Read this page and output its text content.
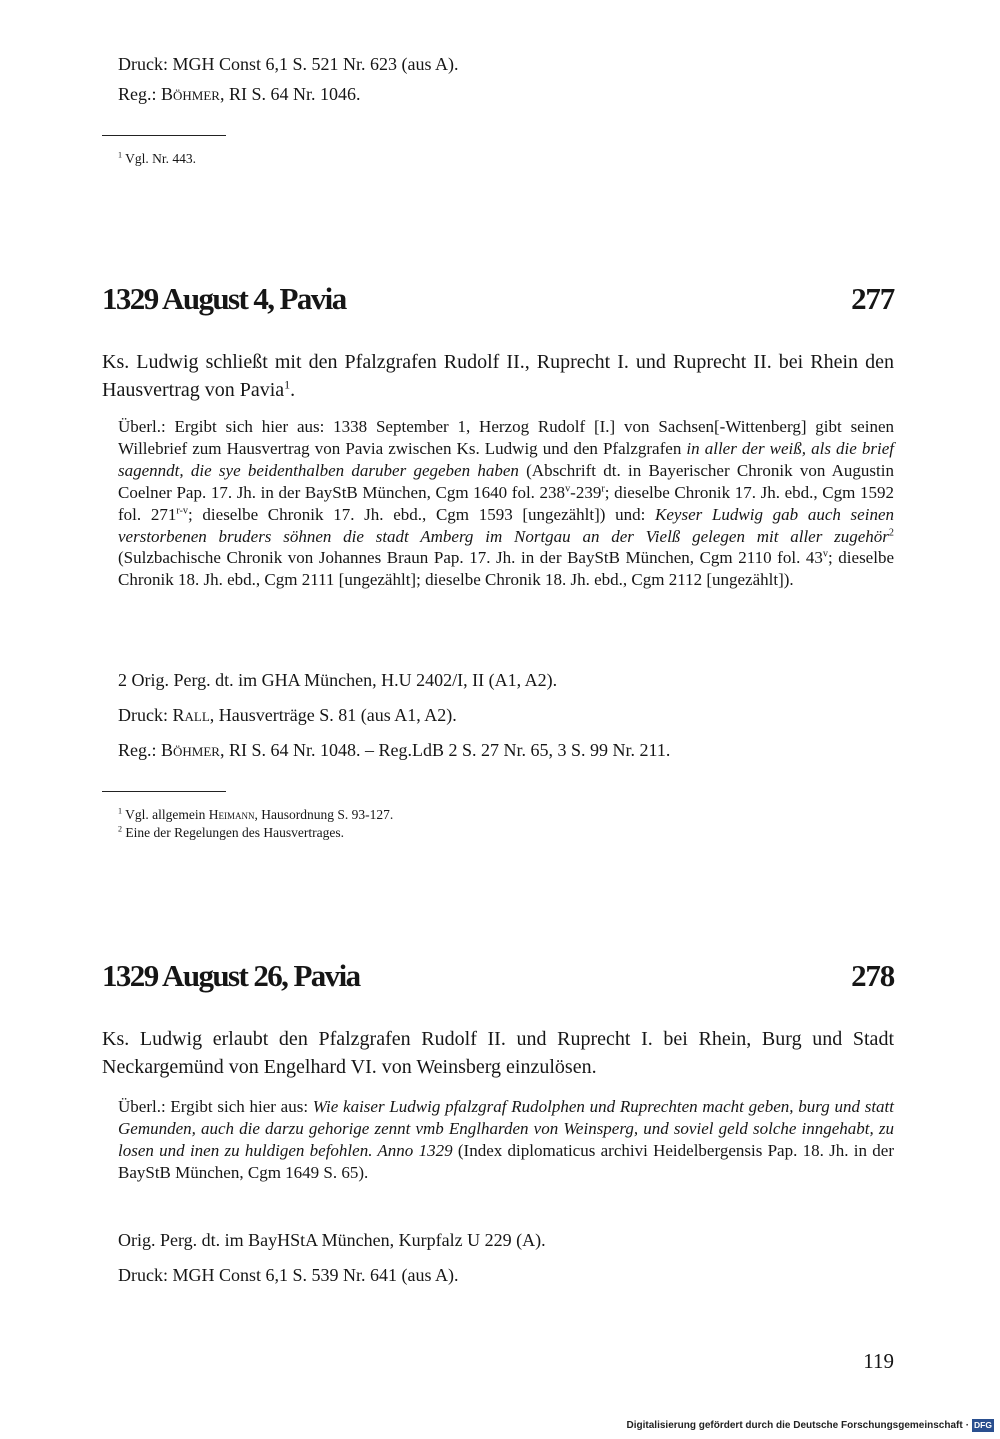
Druck: MGH Const 6,1 S. 521 Nr. 623 (aus A).

Reg.: Böhmer, RI S. 64 Nr. 1046.

$^1$ Vgl. Nr. 443.

1329 August 4, Pavia	277

Ks. Ludwig schließt mit den Pfalzgrafen Rudolf II., Ruprecht I. und Ruprecht II. bei Rhein den Hausvertrag von Pavia$^1$.

Überl.: Ergibt sich hier aus: 1338 September 1, Herzog Rudolf [I.] von Sachsen[-Wittenberg] gibt seinen Willebrief zum Hausvertrag von Pavia zwischen Ks. Ludwig und den Pfalzgrafen in aller der weiß, als die brief sagenndt, die sye beidenthalben daruber gegeben haben (Abschrift dt. in Bayerischer Chronik von Augustin Coelner Pap. 17. Jh. in der BayStB München, Cgm 1640 fol. 238$^v$-239$^r$; dieselbe Chronik 17. Jh. ebd., Cgm 1592 fol. 271$^{r-v}$; dieselbe Chronik 17. Jh. ebd., Cgm 1593 [ungezählt]) und: Keyser Ludwig gab auch seinen verstorbenen bruders söhnen die stadt Amberg im Nortgau an der Vielß gelegen mit aller zugehör$^2$ (Sulzbachische Chronik von Johannes Braun Pap. 17. Jh. in der BayStB München, Cgm 2110 fol. 43$^v$; dieselbe Chronik 18. Jh. ebd., Cgm 2111 [ungezählt]; dieselbe Chronik 18. Jh. ebd., Cgm 2112 [ungezählt]).

2 Orig. Perg. dt. im GHA München, H.U 2402/I, II (A1, A2).

Druck: Rall, Hausverträge S. 81 (aus A1, A2).

Reg.: Böhmer, RI S. 64 Nr. 1048. – Reg.LdB 2 S. 27 Nr. 65, 3 S. 99 Nr. 211.

$^1$ Vgl. allgemein Heimann, Hausordnung S. 93-127.

$^2$ Eine der Regelungen des Hausvertrages.

1329 August 26, Pavia	278

Ks. Ludwig erlaubt den Pfalzgrafen Rudolf II. und Ruprecht I. bei Rhein, Burg und Stadt Neckargemünd von Engelhard VI. von Weinsberg einzulösen.

Überl.: Ergibt sich hier aus: Wie kaiser Ludwig pfalzgraf Rudolphen und Ruprechten macht geben, burg und statt Gemunden, auch die darzu gehorige zennt vmb Englharden von Weinsperg, und soviel geld solche inngehabt, zu losen und inen zu huldigen befohlen. Anno 1329 (Index diplomaticus archivi Heidelbergensis Pap. 18. Jh. in der BayStB München, Cgm 1649 S. 65).

Orig. Perg. dt. im BayHStA München, Kurpfalz U 229 (A).

Druck: MGH Const 6,1 S. 539 Nr. 641 (aus A).

119
Digitalisierung gefördert durch die Deutsche Forschungsgemeinschaft · DFG
